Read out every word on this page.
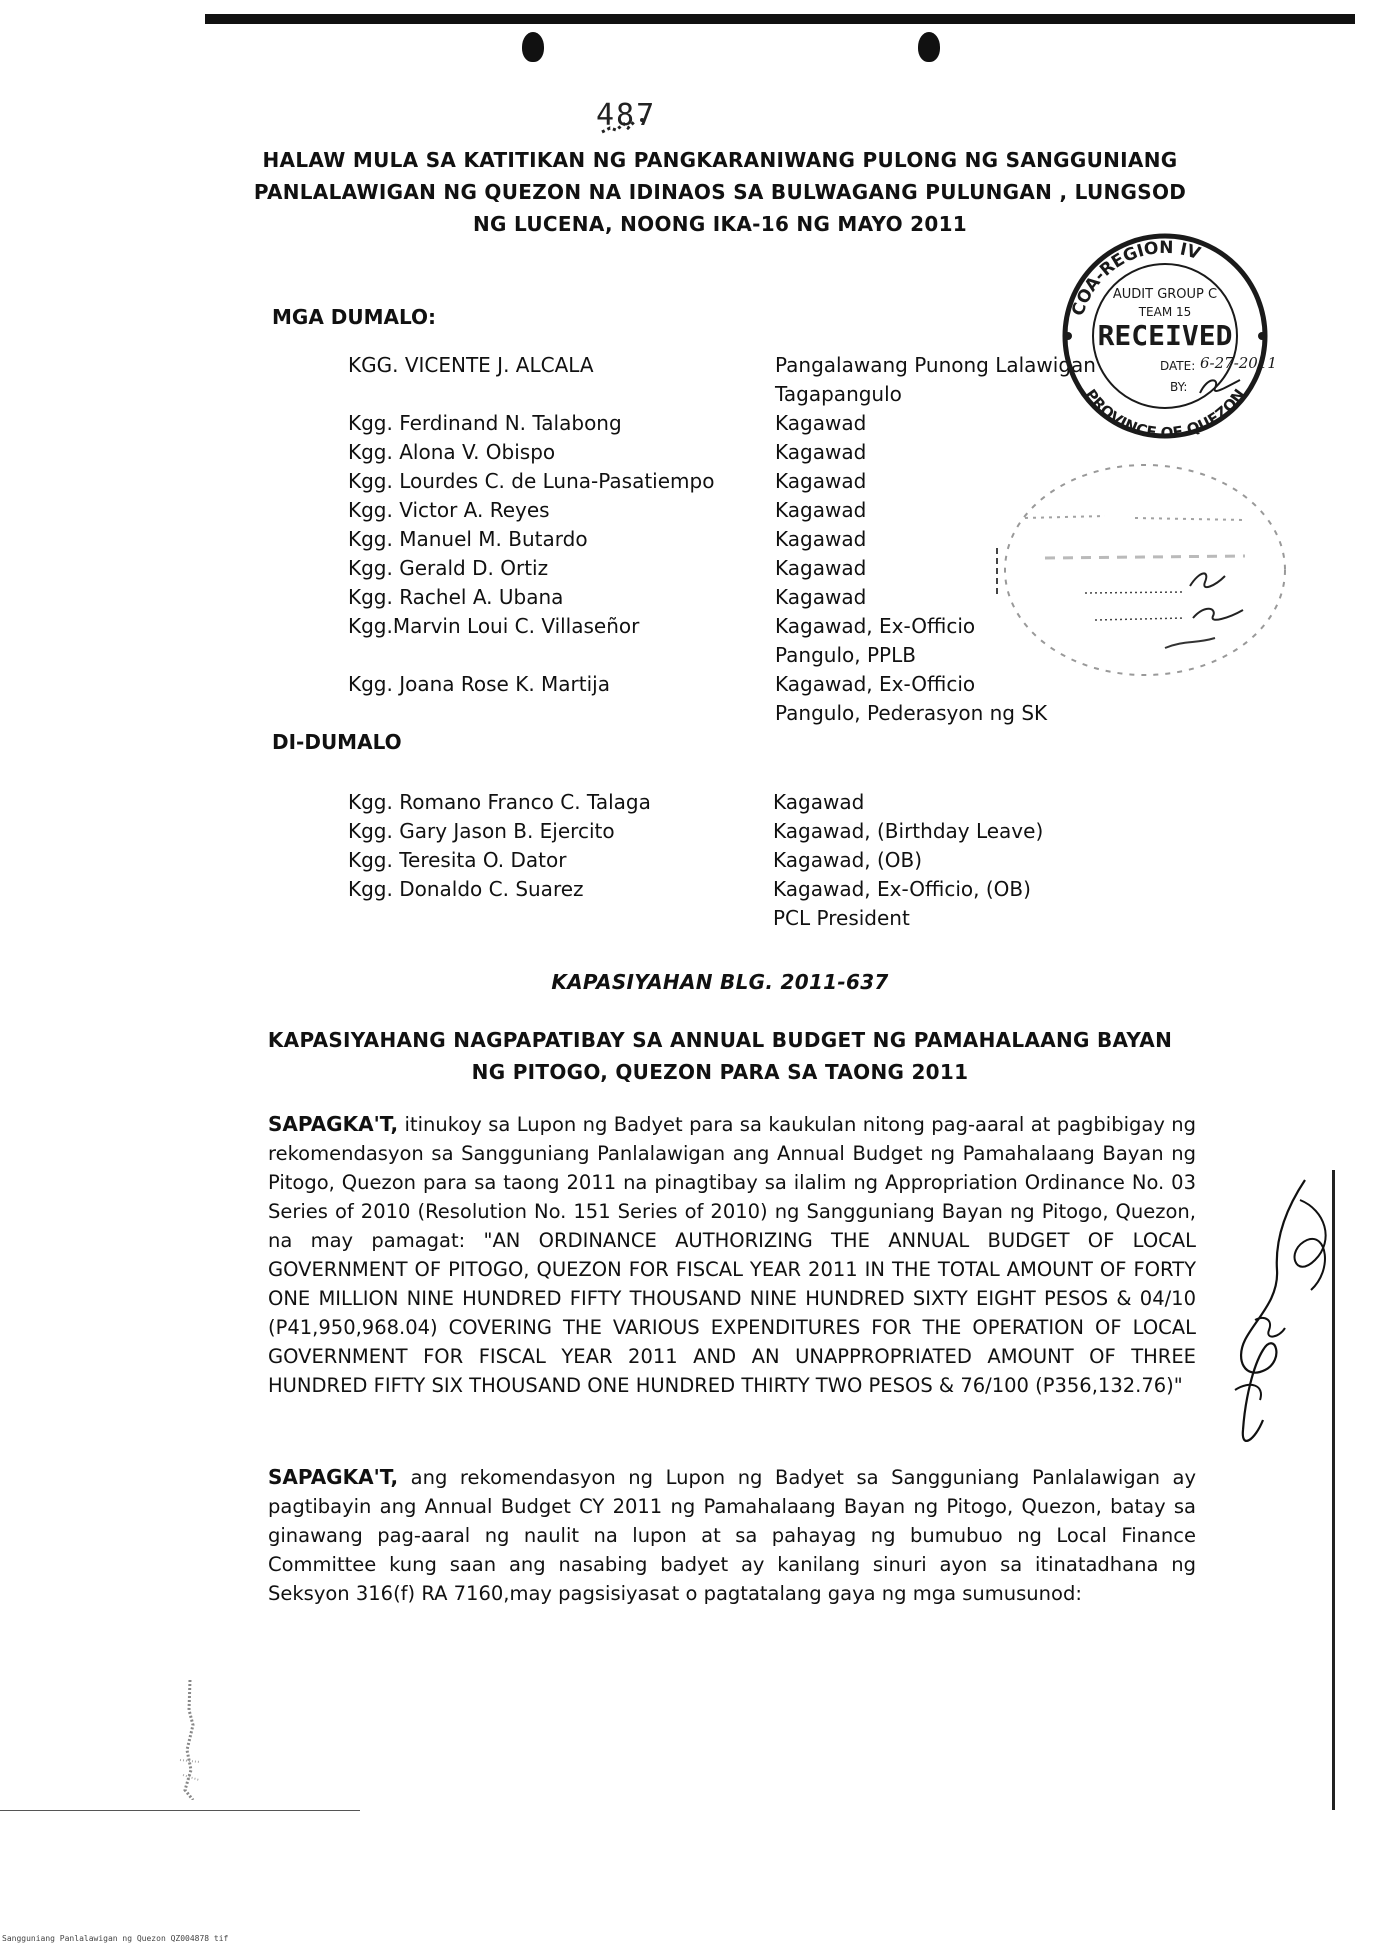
487
HALAW MULA SA KATITIKAN NG PANGKARANIWANG PULONG NG SANGGUNIANG
PANLALAWIGAN NG QUEZON NA IDINAOS SA BULWAGANG PULUNGAN , LUNGSOD
NG LUCENA, NOONG IKA-16 NG MAYO 2011
MGA DUMALO:
KGG. VICENTE J. ALCALA	Pangalawang Punong Lalawigan
Tagapangulo
Kgg. Ferdinand N. Talabong	Kagawad
Kgg. Alona V. Obispo	Kagawad
Kgg. Lourdes C. de Luna-Pasatiempo	Kagawad
Kgg. Victor A. Reyes	Kagawad
Kgg. Manuel M. Butardo	Kagawad
Kgg. Gerald D. Ortiz	Kagawad
Kgg. Rachel A. Ubana	Kagawad
Kgg.Marvin Loui C. Villaseñor	Kagawad, Ex-Officio
Pangulo, PPLB
Kgg. Joana Rose K. Martija	Kagawad, Ex-Officio
Pangulo, Pederasyon ng SK
DI-DUMALO
Kgg. Romano Franco C. Talaga	Kagawad
Kgg. Gary Jason B. Ejercito	Kagawad, (Birthday Leave)
Kgg. Teresita O. Dator	Kagawad, (OB)
Kgg. Donaldo C. Suarez	Kagawad, Ex-Officio, (OB)
PCL President
KAPASIYAHAN BLG. 2011-637
KAPASIYAHANG NAGPAPATIBAY SA ANNUAL BUDGET NG PAMAHALAANG BAYAN
NG PITOGO, QUEZON PARA SA TAONG 2011
SAPAGKA'T, itinukoy sa Lupon ng Badyet para sa kaukulan nitong pag-aaral at pagbibigay ng rekomendasyon sa Sangguniang Panlalawigan ang Annual Budget ng Pamahalaang Bayan ng Pitogo, Quezon para sa taong 2011 na pinagtibay sa ilalim ng Appropriation Ordinance No. 03 Series of 2010 (Resolution No. 151 Series of 2010) ng Sangguniang Bayan ng Pitogo, Quezon, na may pamagat: "AN ORDINANCE AUTHORIZING THE ANNUAL BUDGET OF LOCAL GOVERNMENT OF PITOGO, QUEZON FOR FISCAL YEAR 2011 IN THE TOTAL AMOUNT OF FORTY ONE MILLION NINE HUNDRED FIFTY THOUSAND NINE HUNDRED SIXTY EIGHT PESOS & 04/10 (P41,950,968.04) COVERING THE VARIOUS EXPENDITURES FOR THE OPERATION OF LOCAL GOVERNMENT FOR FISCAL YEAR 2011 AND AN UNAPPROPRIATED AMOUNT OF THREE HUNDRED FIFTY SIX THOUSAND ONE HUNDRED THIRTY TWO PESOS & 76/100 (P356,132.76)"
SAPAGKA'T, ang rekomendasyon ng Lupon ng Badyet sa Sangguniang Panlalawigan ay pagtibayin ang Annual Budget CY 2011 ng Pamahalaang Bayan ng Pitogo, Quezon, batay sa ginawang pag-aaral ng naulit na lupon at sa pahayag ng bumubuo ng Local Finance Committee kung saan ang nasabing badyet ay kanilang sinuri ayon sa itinatadhana ng Seksyon 316(f) RA 7160,may pagsisiyasat o pagtatalang gaya ng mga sumusunod:
COA-REGION IV
AUDIT GROUP C
TEAM 15
RECEIVED
DATE: 6-27-2011
BY:
PROVINCE OF QUEZON
Sangguniang Panlalawigan ng Quezon QZ004878 tif
